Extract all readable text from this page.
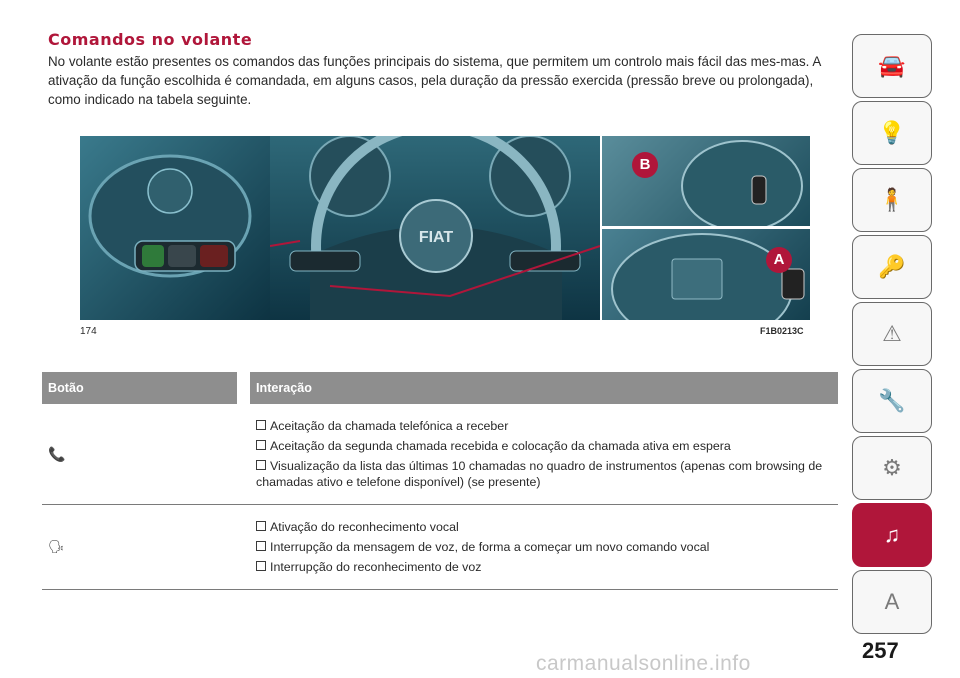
Comandos no volante
No volante estão presentes os comandos das funções principais do sistema, que permitem um controlo mais fácil das mes-mas. A ativação da função escolhida é comandada, em alguns casos, pela duração da pressão exercida (pressão breve ou prolongada), como indicado na tabela seguinte.
FIAT
B
A
174	F1B0213C
Botão		Interação
📞		Aceitação da chamada telefónica a receber
Aceitação da segunda chamada recebida e colocação da chamada ativa em espera
Visualização da lista das últimas 10 chamadas no quadro de instrumentos (apenas com browsing de chamadas ativo e telefone disponível) (se presente)

🗣		Ativação do reconhecimento vocal
Interrupção da mensagem de voz, de forma a começar um novo comando vocal
Interrupção do reconhecimento de voz
🚘
💡
🧍
🔑
⚠
🔧
⚙
♫
A
257
carmanualsonline.info
